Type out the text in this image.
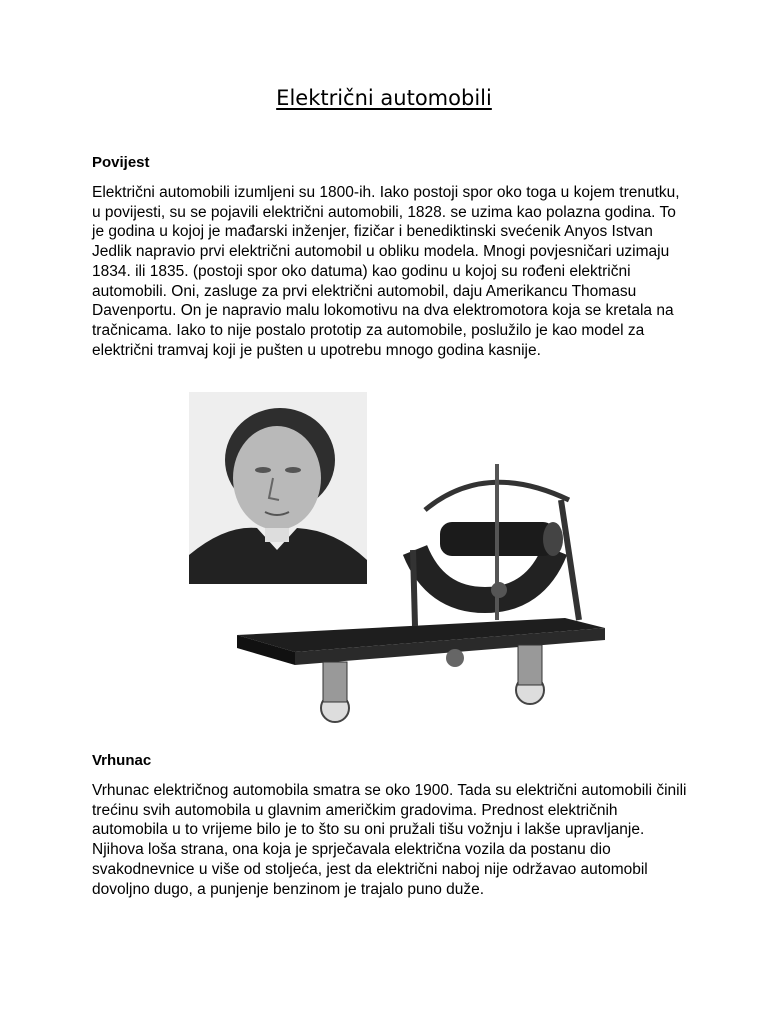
Električni automobili
Povijest

Električni automobili izumljeni su 1800-ih. Iako postoji spor oko toga u kojem trenutku, u povijesti, su se pojavili električni automobili, 1828. se uzima kao polazna godina. To je godina u kojoj je mađarski inženjer, fizičar i benediktinski svećenik Anyos Istvan Jedlik napravio prvi električni automobil u obliku modela. Mnogi povjesničari uzimaju 1834. ili 1835. (postoji spor oko datuma) kao godinu u kojoj su rođeni električni automobili. Oni, zasluge za prvi električni automobil, daju Amerikancu Thomasu Davenportu. On je napravio malu lokomotivu na dva elektromotora koja se kretala na tračnicama. Iako to nije postalo prototip za automobile, poslužilo je kao model za električni tramvaj koji je pušten u upotrebu mnogo godina kasnije.

Vrhunac

Vrhunac električnog automobila smatra se oko 1900. Tada su električni automobili činili trećinu svih automobila u glavnim američkim gradovima. Prednost električnih automobila u to vrijeme bilo je to što su oni pružali tišu vožnju i lakše upravljanje. Njihova loša strana, ona koja je sprječavala električna vozila da postanu dio svakodnevnice u više od stoljeća, jest da električni naboj nije održavao automobil dovoljno dugo, a punjenje benzinom je trajalo puno duže.
